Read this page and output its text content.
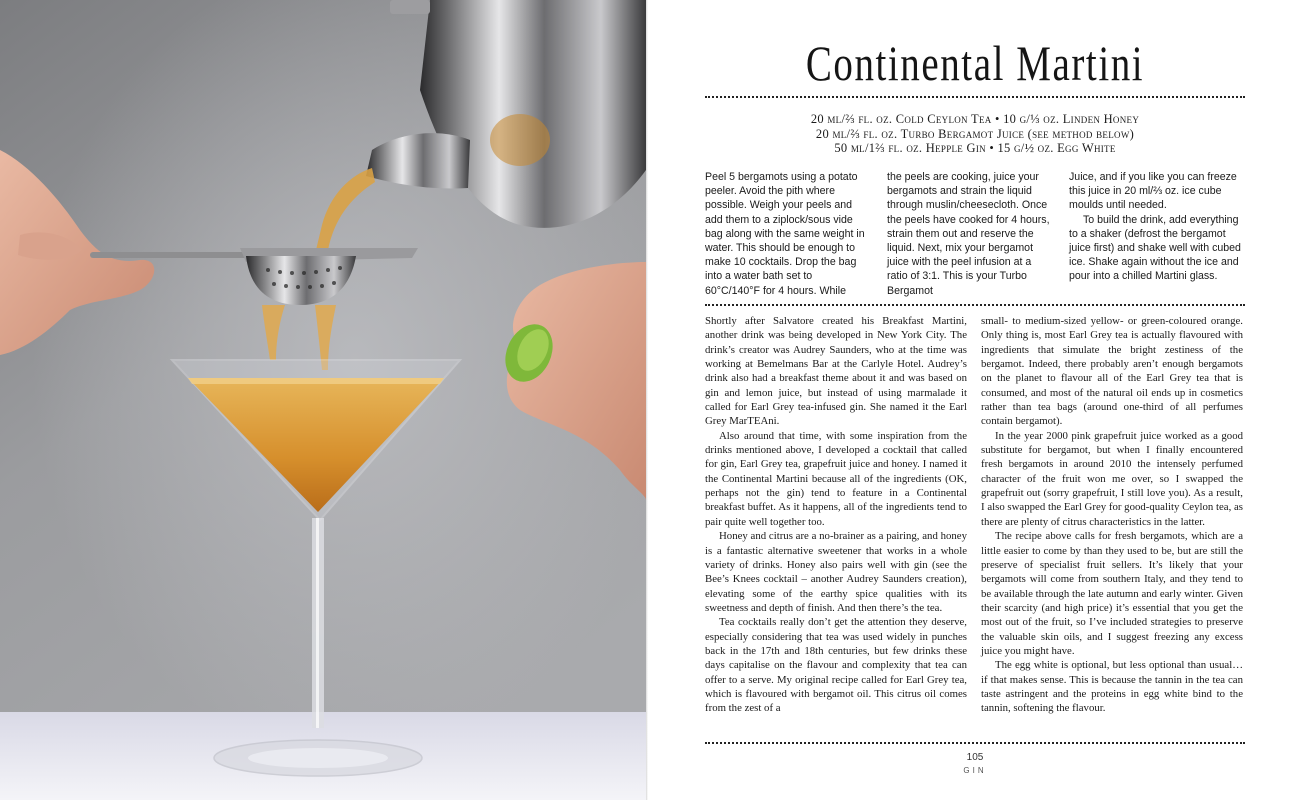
Continental Martini
20 ml/⅔ fl. oz. Cold Ceylon Tea • 10 g/⅓ oz. Linden Honey
20 ml/⅔ fl. oz. Turbo Bergamot Juice (see method below)
50 ml/1⅔ fl. oz. Hepple Gin • 15 g/½ oz. Egg White

Peel 5 bergamots using a potato peeler. Avoid the pith where possible. Weigh your peels and add them to a ziplock/sous vide bag along with the same weight in water. This should be enough to make 10 cocktails. Drop the bag into a water bath set to 60°C/140°F for 4 hours. While

the peels are cooking, juice your bergamots and strain the liquid through muslin/cheesecloth. Once the peels have cooked for 4 hours, strain them out and reserve the liquid. Next, mix your bergamot juice with the peel infusion at a ratio of 3:1. This is your Turbo Bergamot

Juice, and if you like you can freeze this juice in 20 ml/⅔ oz. ice cube moulds until needed.

To build the drink, add everything to a shaker (defrost the bergamot juice first) and shake well with cubed ice. Shake again without the ice and pour into a chilled Martini glass.

Shortly after Salvatore created his Breakfast Martini, another drink was being developed in New York City. The drink’s creator was Audrey Saunders, who at the time was working at Bemelmans Bar at the Carlyle Hotel. Audrey’s drink also had a breakfast theme about it and was based on gin and lemon juice, but instead of using marmalade it called for Earl Grey tea-infused gin. She named it the Earl Grey MarTEAni.

Also around that time, with some inspiration from the drinks mentioned above, I developed a cocktail that called for gin, Earl Grey tea, grapefruit juice and honey. I named it the Continental Martini because all of the ingredients (OK, perhaps not the gin) tend to feature in a Continental breakfast buffet. As it happens, all of the ingredients tend to pair quite well together too.

Honey and citrus are a no-brainer as a pairing, and honey is a fantastic alternative sweetener that works in a whole variety of drinks. Honey also pairs well with gin (see the Bee’s Knees cocktail – another Audrey Saunders creation), elevating some of the earthy spice qualities with its sweetness and depth of finish. And then there’s the tea.

Tea cocktails really don’t get the attention they deserve, especially considering that tea was used widely in punches back in the 17th and 18th centuries, but few drinks these days capitalise on the flavour and complexity that tea can offer to a serve. My original recipe called for Earl Grey tea, which is flavoured with bergamot oil. This citrus oil comes from the zest of a

small- to medium-sized yellow- or green-coloured orange. Only thing is, most Earl Grey tea is actually flavoured with ingredients that simulate the bright zestiness of the bergamot. Indeed, there probably aren’t enough bergamots on the planet to flavour all of the Earl Grey tea that is consumed, and most of the natural oil ends up in cosmetics rather than tea bags (around one-third of all perfumes contain bergamot).

In the year 2000 pink grapefruit juice worked as a good substitute for bergamot, but when I finally encountered fresh bergamots in around 2010 the intensely perfumed character of the fruit won me over, so I swapped the grapefruit out (sorry grapefruit, I still love you). As a result, I also swapped the Earl Grey for good-quality Ceylon tea, as there are plenty of citrus characteristics in the latter.

The recipe above calls for fresh bergamots, which are a little easier to come by than they used to be, but are still the preserve of specialist fruit sellers. It’s likely that your bergamots will come from southern Italy, and they tend to be available through the late autumn and early winter. Given their scarcity (and high price) it’s essential that you get the most out of the fruit, so I’ve included strategies to preserve the valuable skin oils, and I suggest freezing any excess juice you might have.

The egg white is optional, but less optional than usual… if that makes sense. This is because the tannin in the tea can taste astringent and the proteins in egg white bind to the tannin, softening the flavour.

105
GIN
